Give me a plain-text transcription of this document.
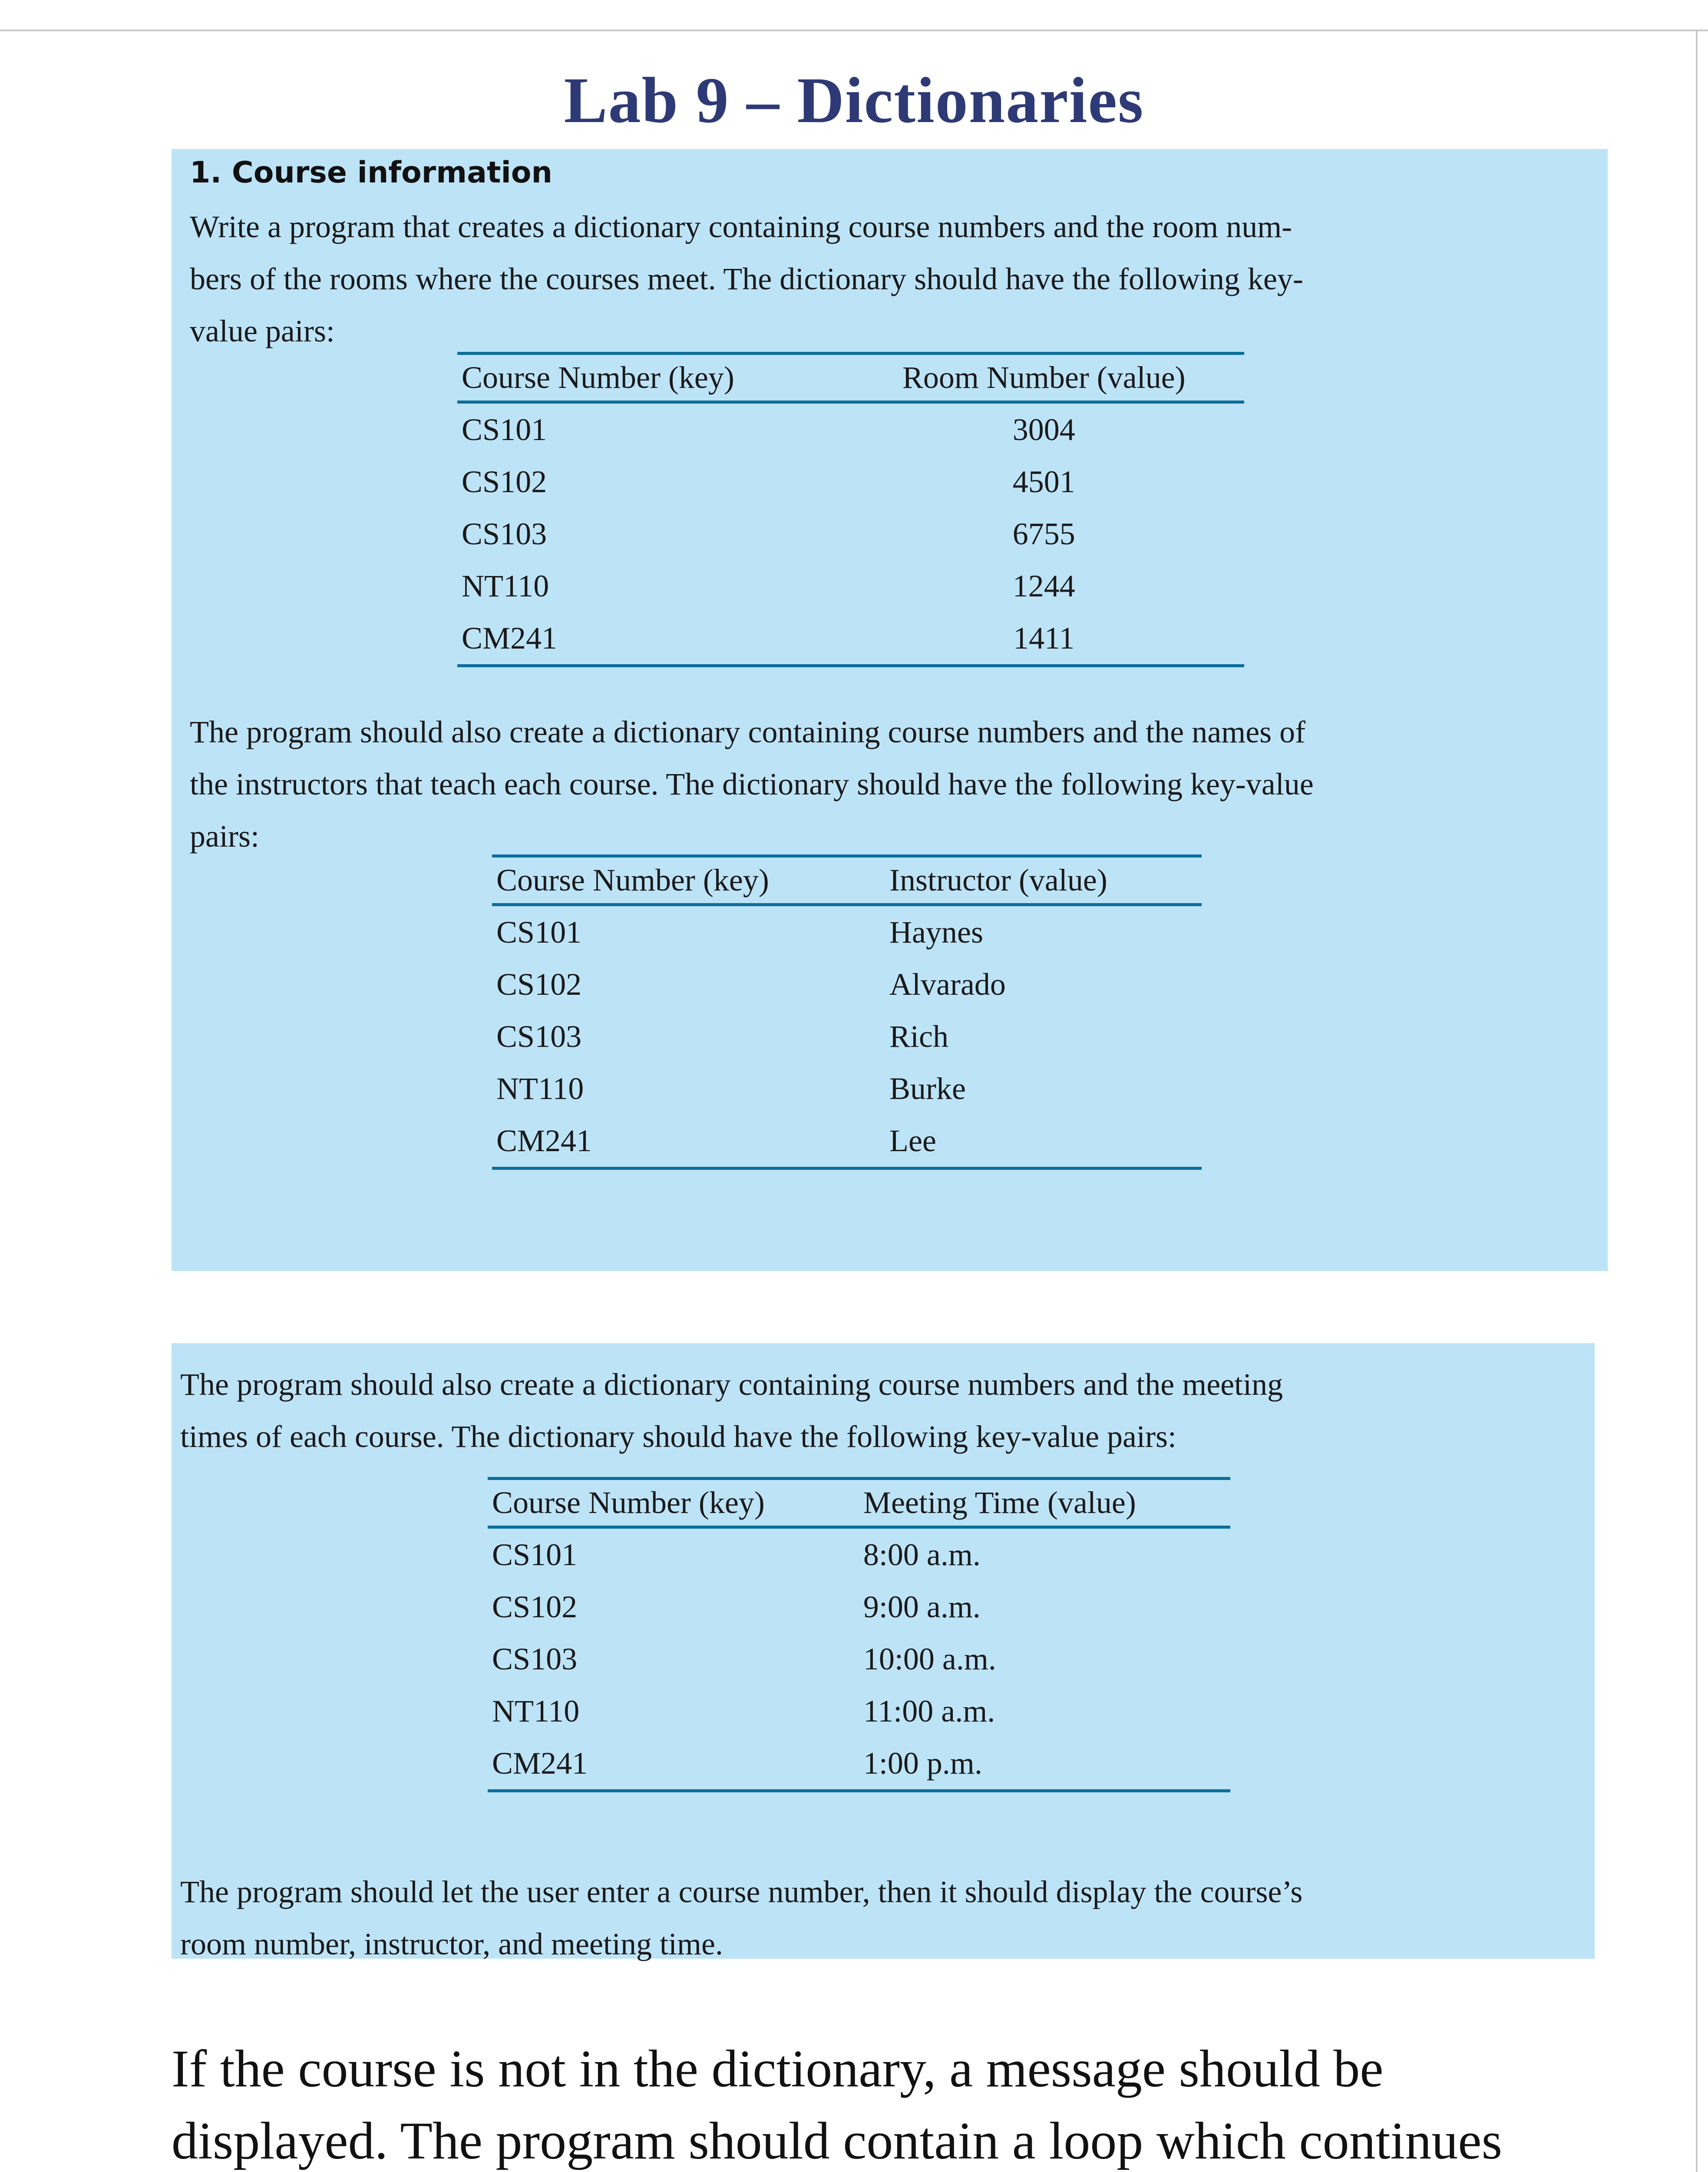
Lab 9 – Dictionaries
1. Course information
Write a program that creates a dictionary containing course numbers and the room num-
bers of the rooms where the courses meet. The dictionary should have the following key-
value pairs:
Course Number (key)	Room Number (value)
CS101	3004
CS102	4501
CS103	6755
NT110	1244
CM241	1411
The program should also create a dictionary containing course numbers and the names of
the instructors that teach each course. The dictionary should have the following key-value
pairs:
Course Number (key)	Instructor (value)
CS101	Haynes
CS102	Alvarado
CS103	Rich
NT110	Burke
CM241	Lee
The program should also create a dictionary containing course numbers and the meeting
times of each course. The dictionary should have the following key-value pairs:
Course Number (key)	Meeting Time (value)
CS101	8:00 a.m.
CS102	9:00 a.m.
CS103	10:00 a.m.
NT110	11:00 a.m.
CM241	1:00 p.m.
The program should let the user enter a course number, then it should display the course’s
room number, instructor, and meeting time.
If the course is not in the dictionary, a message should be
displayed. The program should contain a loop which continues
